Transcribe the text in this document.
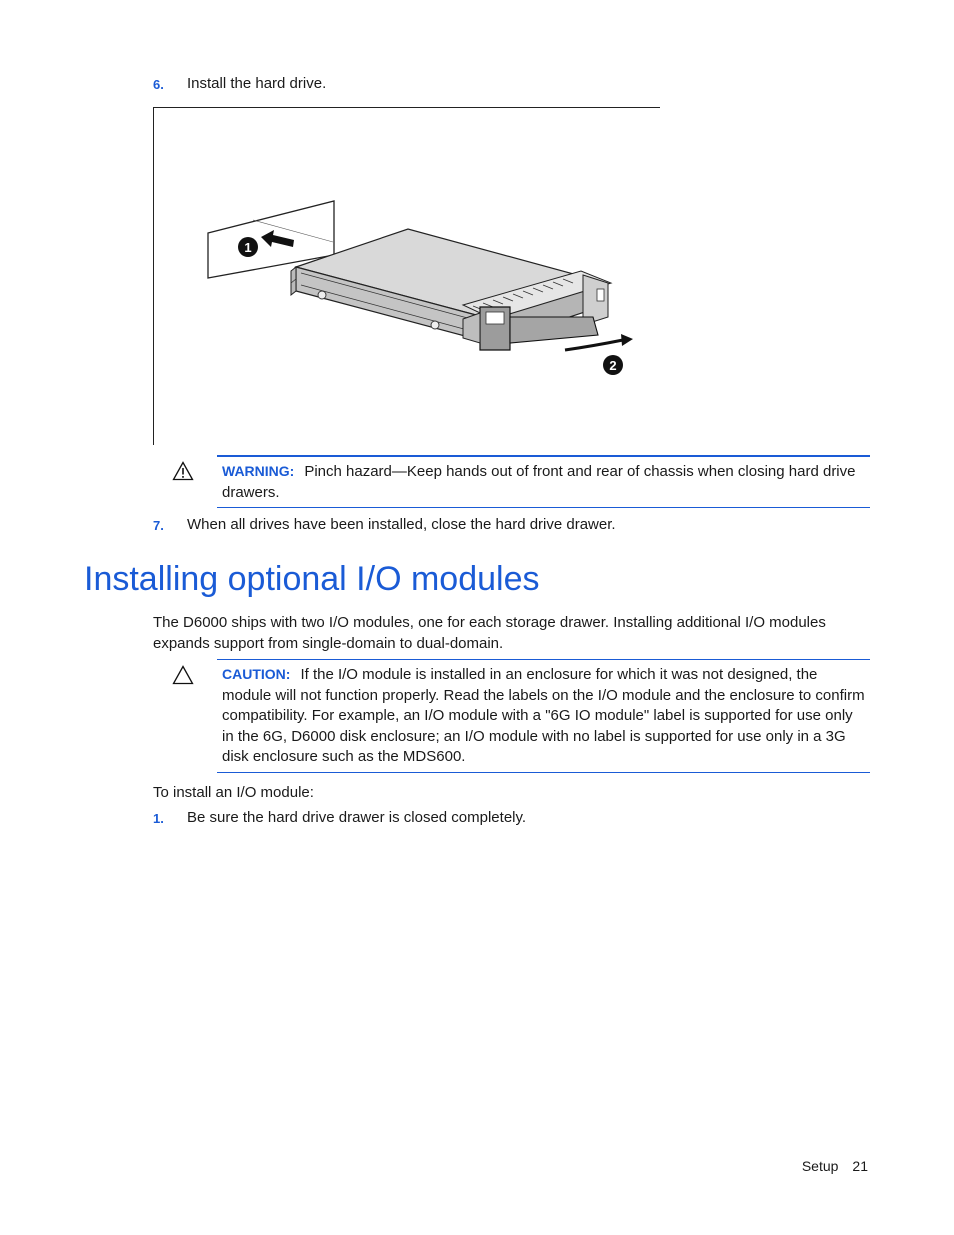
6. Install the hard drive.
1
2
WARNING: Pinch hazard—Keep hands out of front and rear of chassis when closing hard drive drawers.
7. When all drives have been installed, close the hard drive drawer.
Installing optional I/O modules
The D6000 ships with two I/O modules, one for each storage drawer. Installing additional I/O modules expands support from single-domain to dual-domain.
CAUTION: If the I/O module is installed in an enclosure for which it was not designed, the module will not function properly. Read the labels on the I/O module and the enclosure to confirm compatibility. For example, an I/O module with a "6G IO module" label is supported for use only in the 6G, D6000 disk enclosure; an I/O module with no label is supported for use only in a 3G disk enclosure such as the MDS600.
To install an I/O module:
1. Be sure the hard drive drawer is closed completely.
Setup 21
